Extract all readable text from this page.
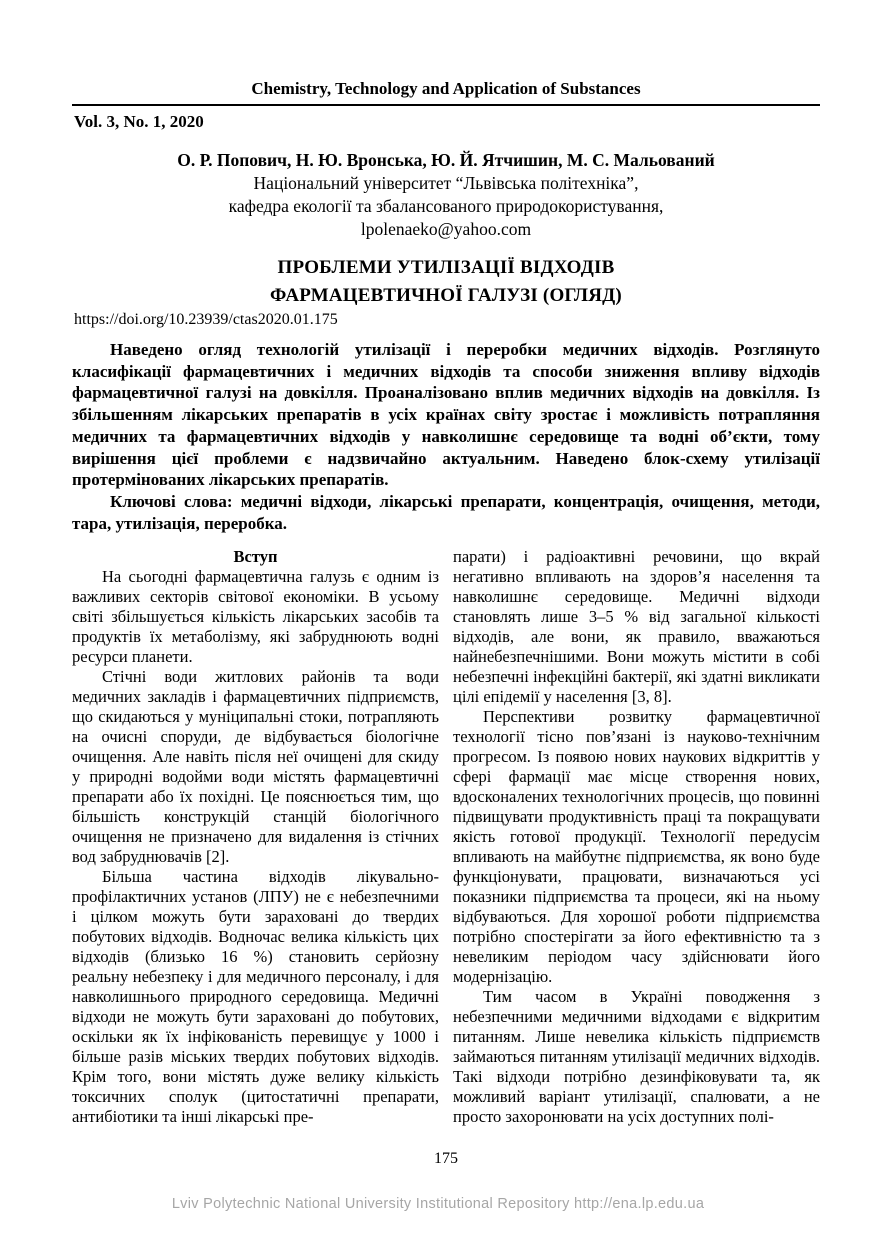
Chemistry, Technology and Application of Substances
Vol. 3, No. 1, 2020
О. Р. Попович, Н. Ю. Вронська, Ю. Й. Ятчишин, М. С. Мальований
Національний університет “Львівська політехніка”,
кафедра екології та збалансованого природокористування,
lpolenaeko@yahoo.com
ПРОБЛЕМИ УТИЛІЗАЦІЇ ВІДХОДІВ
ФАРМАЦЕВТИЧНОЇ ГАЛУЗІ (ОГЛЯД)
https://doi.org/10.23939/ctas2020.01.175

Наведено огляд технологій утилізації і переробки медичних відходів. Розглянуто класифікації фармацевтичних і медичних відходів та способи зниження впливу відходів фармацевтичної галузі на довкілля. Проаналізовано вплив медичних відходів на довкілля. Із збільшенням лікарських препаратів в усіх країнах світу зростає і можливість потрапляння медичних та фармацевтичних відходів у навколишнє середовище та водні об’єкти, тому вирішення цієї проблеми є надзвичайно актуальним. Наведено блок-схему утилізації протермінованих лікарських препаратів.

Ключові слова: медичні відходи, лікарські препарати, концентрація, очищення, методи, тара, утилізація, переробка.

Вступ

На сьогодні фармацевтична галузь є одним із важливих секторів світової економіки. В усьому світі збільшується кількість лікарських засобів та продуктів їх метаболізму, які забруднюють водні ресурси планети.

Стічні води житлових районів та води медичних закладів і фармацевтичних підприємств, що скидаються у муніципальні стоки, потрапляють на очисні споруди, де відбувається біологічне очищення. Але навіть після неї очищені для скиду у природні водойми води містять фармацевтичні препарати або їх похідні. Це пояснюється тим, що більшість конструкцій станцій біологічного очищення не призначено для видалення із стічних вод забруднювачів [2].

Більша частина відходів лікувально-профілактичних установ (ЛПУ) не є небезпечними і цілком можуть бути зараховані до твердих побутових відходів. Водночас велика кількість цих відходів (близько 16 %) становить серйозну реальну небезпеку і для медичного персоналу, і для навколишнього природного середовища. Медичні відходи не можуть бути зараховані до побутових, оскільки як їх інфікованість перевищує у 1000 і більше разів міських твердих побутових відходів. Крім того, вони містять дуже велику кількість токсичних сполук (цитостатичні препарати, антибіотики та інші лікарські пре-

парати) і радіоактивні речовини, що вкрай негативно впливають на здоров’я населення та навколишнє середовище. Медичні відходи становлять лише 3–5 % від загальної кількості відходів, але вони, як правило, вважаються найнебезпечнішими. Вони можуть містити в собі небезпечні інфекційні бактерії, які здатні викликати цілі епідемії у населення [3, 8].

Перспективи розвитку фармацевтичної технології тісно пов’язані із науково-технічним прогресом. Із появою нових наукових відкриттів у сфері фармації має місце створення нових, вдосконалених технологічних процесів, що повинні підвищувати продуктивність праці та покращувати якість готової продукції. Технології передусім впливають на майбутнє підприємства, як воно буде функціонувати, працювати, визначаються усі показники підприємства та процеси, які на ньому відбуваються. Для хорошої роботи підприємства потрібно спостерігати за його ефективністю та з невеликим періодом часу здійснювати його модернізацію.

Тим часом в Україні поводження з небезпечними медичними відходами є відкритим питанням. Лише невелика кількість підприємств займаються питанням утилізації медичних відходів. Такі відходи потрібно дезинфіковувати та, як можливий варіант утилізації, спалювати, а не просто захоронювати на усіх доступних полі-

175
Lviv Polytechnic National University Institutional Repository http://ena.lp.edu.ua
